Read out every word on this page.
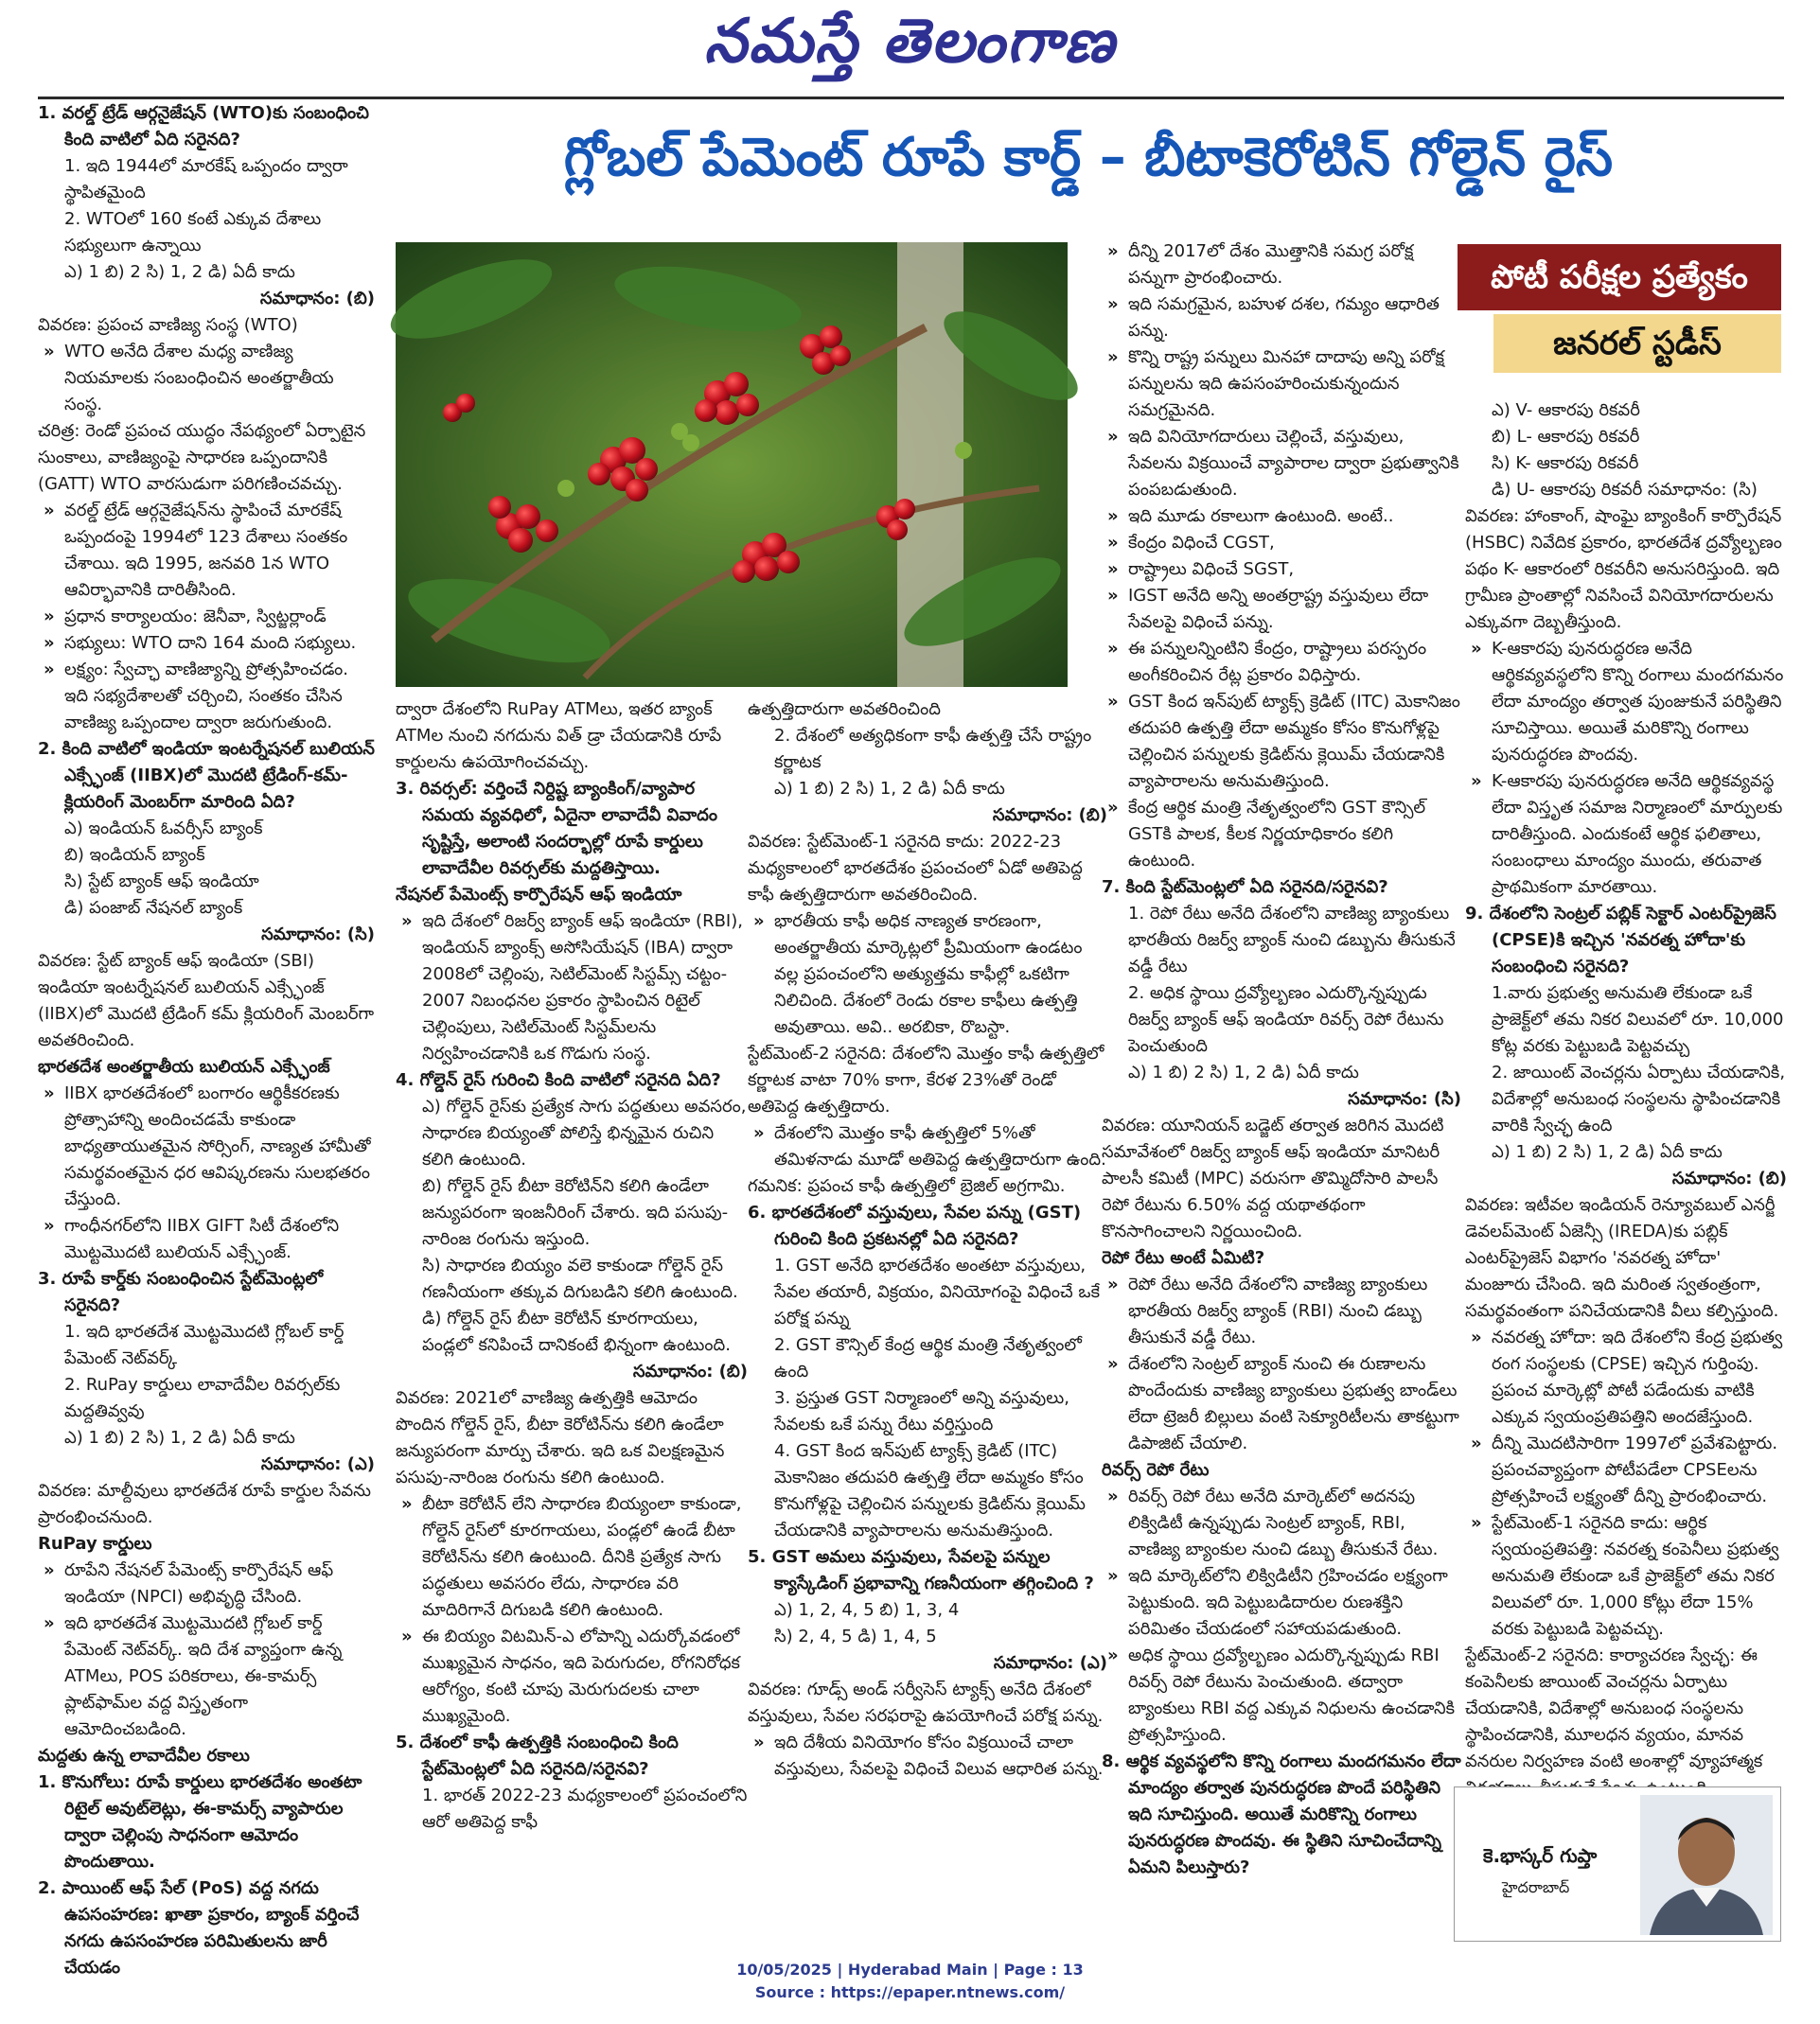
నమస్తే తెలంగాణ
గ్లోబల్ పేమెంట్ రూపే కార్డ్ – బీటాకెరోటిన్ గోల్డెన్ రైస్

1. వరల్డ్ ట్రేడ్ ఆర్గనైజేషన్ (WTO)కు సంబంధించి కింది వాటిలో ఏది సరైనది?

1. ఇది 1944లో మారకేష్ ఒప్పందం ద్వారా స్థాపితమైంది

2. WTOలో 160 కంటే ఎక్కువ దేశాలు సభ్యులుగా ఉన్నాయి

ఎ) 1 బి) 2 సి) 1, 2 డి) ఏదీ కాదు

సమాధానం: (బి)

వివరణ: ప్రపంచ వాణిజ్య సంస్థ (WTO)

» WTO అనేది దేశాల మధ్య వాణిజ్య నియమాలకు సంబంధించిన అంతర్జాతీయ సంస్థ.

చరిత్ర: రెండో ప్రపంచ యుద్ధం నేపథ్యంలో ఏర్పాటైన సుంకాలు, వాణిజ్యంపై సాధారణ ఒప్పందానికి (GATT) WTO వారసుడుగా పరిగణించవచ్చు.

» వరల్డ్ ట్రేడ్ ఆర్గనైజేషన్‌ను స్థాపించే మారకేష్ ఒప్పందంపై 1994లో 123 దేశాలు సంతకం చేశాయి. ఇది 1995, జనవరి 1న WTO ఆవిర్భావానికి దారితీసింది.

» ప్రధాన కార్యాలయం: జెనీవా, స్విట్జర్లాండ్

» సభ్యులు: WTO దాని 164 మంది సభ్యులు.

» లక్ష్యం: స్వేచ్ఛా వాణిజ్యాన్ని ప్రోత్సహించడం. ఇది సభ్యదేశాలతో చర్చించి, సంతకం చేసిన వాణిజ్య ఒప్పందాల ద్వారా జరుగుతుంది.

2. కింది వాటిలో ఇండియా ఇంటర్నేషనల్ బులియన్ ఎక్స్ఛేంజ్ (IIBX)లో మొదటి ట్రేడింగ్-కమ్-క్లియరింగ్ మెంబర్‌గా మారింది ఏది?

ఎ) ఇండియన్ ఓవర్సీస్ బ్యాంక్

బి) ఇండియన్ బ్యాంక్

సి) స్టేట్ బ్యాంక్ ఆఫ్ ఇండియా

డి) పంజాబ్ నేషనల్ బ్యాంక్

సమాధానం: (సి)

వివరణ: స్టేట్ బ్యాంక్ ఆఫ్ ఇండియా (SBI) ఇండియా ఇంటర్నేషనల్ బులియన్ ఎక్స్ఛేంజ్ (IIBX)లో మొదటి ట్రేడింగ్ కమ్ క్లియరింగ్ మెంబర్‌గా అవతరించింది.

భారతదేశ అంతర్జాతీయ బులియన్ ఎక్స్ఛేంజ్

» IIBX భారతదేశంలో బంగారం ఆర్థికీకరణకు ప్రోత్సాహాన్ని అందించడమే కాకుండా బాధ్యతాయుతమైన సోర్సింగ్, నాణ్యత హామీతో సమర్థవంతమైన ధర ఆవిష్కరణను సులభతరం చేస్తుంది.

» గాంధీనగర్‌లోని IIBX GIFT సిటీ దేశంలోని మొట్టమొదటి బులియన్ ఎక్స్ఛేంజ్.

3. రూపే కార్డ్‌కు సంబంధించిన స్టేట్‌మెంట్లలో సరైనది?

1. ఇది భారతదేశ మొట్టమొదటి గ్లోబల్ కార్డ్ పేమెంట్ నెట్‌వర్క్

2. RuPay కార్డులు లావాదేవీల రివర్సల్‌కు మద్దతివ్వవు

ఎ) 1 బి) 2 సి) 1, 2 డి) ఏదీ కాదు

సమాధానం: (ఎ)

వివరణ: మాల్దీవులు భారతదేశ రూపే కార్డుల సేవను ప్రారంభించనుంది.

RuPay కార్డులు

» రూపేని నేషనల్ పేమెంట్స్ కార్పొరేషన్ ఆఫ్ ఇండియా (NPCI) అభివృద్ధి చేసింది.

» ఇది భారతదేశ మొట్టమొదటి గ్లోబల్ కార్డ్ పేమెంట్ నెట్‌వర్క్. ఇది దేశ వ్యాప్తంగా ఉన్న ATMలు, POS పరికరాలు, ఈ-కామర్స్ ప్లాట్‌ఫామ్‌ల వద్ద విస్తృతంగా ఆమోదించబడింది.

మద్దతు ఉన్న లావాదేవీల రకాలు

1. కొనుగోలు: రూపే కార్డులు భారతదేశం అంతటా రిటైల్ అవుట్‌లెట్లు, ఈ-కామర్స్ వ్యాపారుల ద్వారా చెల్లింపు సాధనంగా ఆమోదం పొందుతాయి.

2. పాయింట్ ఆఫ్ సేల్ (PoS) వద్ద నగదు ఉపసంహరణ: ఖాతా ప్రకారం, బ్యాంక్ వర్తించే నగదు ఉపసంహరణ పరిమితులను జారీ చేయడం

ద్వారా దేశంలోని RuPay ATMలు, ఇతర బ్యాంక్ ATMల నుంచి నగదును విత్ డ్రా చేయడానికి రూపే కార్డులను ఉపయోగించవచ్చు.

3. రివర్సల్: వర్తించే నిర్దిష్ట బ్యాంకింగ్/వ్యాపార సమయ వ్యవధిలో, ఏదైనా లావాదేవీ వివాదం సృష్టిస్తే, అలాంటి సందర్భాల్లో రూపే కార్డులు లావాదేవీల రివర్సల్‌కు మద్దతిస్తాయి.

నేషనల్ పేమెంట్స్ కార్పొరేషన్ ఆఫ్ ఇండియా

» ఇది దేశంలో రిజర్వ్ బ్యాంక్ ఆఫ్ ఇండియా (RBI), ఇండియన్ బ్యాంక్స్ అసోసియేషన్ (IBA) ద్వారా 2008లో చెల్లింపు, సెటిల్‌మెంట్ సిస్టమ్స్ చట్టం- 2007 నిబంధనల ప్రకారం స్థాపించిన రిటైల్ చెల్లింపులు, సెటిల్‌మెంట్ సిస్టమ్‌లను నిర్వహించడానికి ఒక గొడుగు సంస్థ.

4. గోల్డెన్ రైస్ గురించి కింది వాటిలో సరైనది ఏది?

ఎ) గోల్డెన్ రైస్‌కు ప్రత్యేక సాగు పద్ధతులు అవసరం, సాధారణ బియ్యంతో పోలిస్తే భిన్నమైన రుచిని కలిగి ఉంటుంది.

బి) గోల్డెన్ రైస్ బీటా కెరోటిన్‌ని కలిగి ఉండేలా జన్యుపరంగా ఇంజనీరింగ్ చేశారు. ఇది పసుపు-నారింజ రంగును ఇస్తుంది.

సి) సాధారణ బియ్యం వలె కాకుండా గోల్డెన్ రైస్ గణనీయంగా తక్కువ దిగుబడిని కలిగి ఉంటుంది.

డి) గోల్డెన్ రైస్ బీటా కెరోటిన్ కూరగాయలు, పండ్లలో కనిపించే దానికంటే భిన్నంగా ఉంటుంది.

సమాధానం: (బి)

వివరణ: 2021లో వాణిజ్య ఉత్పత్తికి ఆమోదం పొందిన గోల్డెన్ రైస్, బీటా కెరోటిన్‌ను కలిగి ఉండేలా జన్యుపరంగా మార్పు చేశారు. ఇది ఒక విలక్షణమైన పసుపు-నారింజ రంగును కలిగి ఉంటుంది.

» బీటా కెరోటిన్ లేని సాధారణ బియ్యంలా కాకుండా, గోల్డెన్ రైస్‌లో కూరగాయలు, పండ్లలో ఉండే బీటా కెరోటిన్‌ను కలిగి ఉంటుంది. దీనికి ప్రత్యేక సాగు పద్ధతులు అవసరం లేదు, సాధారణ వరి మాదిరిగానే దిగుబడి కలిగి ఉంటుంది.

» ఈ బియ్యం విటమిన్-ఎ లోపాన్ని ఎదుర్కోవడంలో ముఖ్యమైన సాధనం, ఇది పెరుగుదల, రోగనిరోధక ఆరోగ్యం, కంటి చూపు మెరుగుదలకు చాలా ముఖ్యమైంది.

5. దేశంలో కాఫీ ఉత్పత్తికి సంబంధించి కింది స్టేట్‌మెంట్లలో ఏది సరైనది/సరైనవి?

1. భారత్ 2022-23 మధ్యకాలంలో ప్రపంచంలోని ఆరో అతిపెద్ద కాఫీ

ఉత్పత్తిదారుగా అవతరించింది

2. దేశంలో అత్యధికంగా కాఫీ ఉత్పత్తి చేసే రాష్ట్రం కర్ణాటక

ఎ) 1 బి) 2 సి) 1, 2 డి) ఏదీ కాదు

సమాధానం: (బి)

వివరణ: స్టేట్‌మెంట్-1 సరైనది కాదు: 2022-23 మధ్యకాలంలో భారతదేశం ప్రపంచంలో ఏడో అతిపెద్ద కాఫీ ఉత్పత్తిదారుగా అవతరించింది.

» భారతీయ కాఫీ అధిక నాణ్యత కారణంగా, అంతర్జాతీయ మార్కెట్లలో ప్రీమియంగా ఉండటం వల్ల ప్రపంచంలోని అత్యుత్తమ కాఫీల్లో ఒకటిగా నిలిచింది. దేశంలో రెండు రకాల కాఫీలు ఉత్పత్తి అవుతాయి. అవి.. అరబికా, రొబస్టా.

స్టేట్‌మెంట్-2 సరైనది: దేశంలోని మొత్తం కాఫీ ఉత్పత్తిలో కర్ణాటక వాటా 70% కాగా, కేరళ 23%తో రెండో అతిపెద్ద ఉత్పత్తిదారు.

» దేశంలోని మొత్తం కాఫీ ఉత్పత్తిలో 5%తో తమిళనాడు మూడో అతిపెద్ద ఉత్పత్తిదారుగా ఉంది.

గమనిక: ప్రపంచ కాఫీ ఉత్పత్తిలో బ్రెజిల్ అగ్రగామి.

6. భారతదేశంలో వస్తువులు, సేవల పన్ను (GST) గురించి కింది ప్రకటనల్లో ఏది సరైనది?

1. GST అనేది భారతదేశం అంతటా వస్తువులు, సేవల తయారీ, విక్రయం, వినియోగంపై విధించే ఒకే పరోక్ష పన్ను

2. GST కౌన్సిల్ కేంద్ర ఆర్థిక మంత్రి నేతృత్వంలో ఉంది

3. ప్రస్తుత GST నిర్మాణంలో అన్ని వస్తువులు, సేవలకు ఒకే పన్ను రేటు వర్తిస్తుంది

4. GST కింద ఇన్‌పుట్ ట్యాక్స్ క్రెడిట్ (ITC) మెకానిజం తదుపరి ఉత్పత్తి లేదా అమ్మకం కోసం కొనుగోళ్లపై చెల్లించిన పన్నులకు క్రెడిట్‌ను క్లెయిమ్ చేయడానికి వ్యాపారాలను అనుమతిస్తుంది.

5. GST అమలు వస్తువులు, సేవలపై పన్నుల క్యాస్కేడింగ్ ప్రభావాన్ని గణనీయంగా తగ్గించింది ?

ఎ) 1, 2, 4, 5 బి) 1, 3, 4

సి) 2, 4, 5 డి) 1, 4, 5

సమాధానం: (ఎ)

వివరణ: గూడ్స్ అండ్ సర్వీసెస్ ట్యాక్స్ అనేది దేశంలో వస్తువులు, సేవల సరఫరాపై ఉపయోగించే పరోక్ష పన్ను.

» ఇది దేశీయ వినియోగం కోసం విక్రయించే చాలా వస్తువులు, సేవలపై విధించే విలువ ఆధారిత పన్ను.

» దీన్ని 2017లో దేశం మొత్తానికి సమగ్ర పరోక్ష పన్నుగా ప్రారంభించారు.

» ఇది సమగ్రమైన, బహుళ దశల, గమ్యం ఆధారిత పన్ను.

» కొన్ని రాష్ట్ర పన్నులు మినహా దాదాపు అన్ని పరోక్ష పన్నులను ఇది ఉపసంహరించుకున్నందున సమగ్రమైనది.

» ఇది వినియోగదారులు చెల్లించే, వస్తువులు, సేవలను విక్రయించే వ్యాపారాల ద్వారా ప్రభుత్వానికి పంపబడుతుంది.

» ఇది మూడు రకాలుగా ఉంటుంది. అంటే..

» కేంద్రం విధించే CGST,

» రాష్ట్రాలు విధించే SGST,

» IGST అనేది అన్ని అంతర్రాష్ట్ర వస్తువులు లేదా సేవలపై విధించే పన్ను.

» ఈ పన్నులన్నింటిని కేంద్రం, రాష్ట్రాలు పరస్పరం అంగీకరించిన రేట్ల ప్రకారం విధిస్తారు.

» GST కింద ఇన్‌పుట్ ట్యాక్స్ క్రెడిట్ (ITC) మెకానిజం తదుపరి ఉత్పత్తి లేదా అమ్మకం కోసం కొనుగోళ్లపై చెల్లించిన పన్నులకు క్రెడిట్‌ను క్లెయిమ్ చేయడానికి వ్యాపారాలను అనుమతిస్తుంది.

» కేంద్ర ఆర్థిక మంత్రి నేతృత్వంలోని GST కౌన్సిల్ GSTకి పాలక, కీలక నిర్ణయాధికారం కలిగి ఉంటుంది.

7. కింది స్టేట్‌మెంట్లలో ఏది సరైనది/సరైనవి?

1. రెపో రేటు అనేది దేశంలోని వాణిజ్య బ్యాంకులు భారతీయ రిజర్వ్ బ్యాంక్ నుంచి డబ్బును తీసుకునే వడ్డీ రేటు

2. అధిక స్థాయి ద్రవ్యోల్బణం ఎదుర్కొన్నప్పుడు రిజర్వ్ బ్యాంక్ ఆఫ్ ఇండియా రివర్స్ రెపో రేటును పెంచుతుంది

ఎ) 1 బి) 2 సి) 1, 2 డి) ఏదీ కాదు

సమాధానం: (సి)

వివరణ: యూనియన్ బడ్జెట్ తర్వాత జరిగిన మొదటి సమావేశంలో రిజర్వ్ బ్యాంక్ ఆఫ్ ఇండియా మానిటరీ పాలసీ కమిటీ (MPC) వరుసగా తొమ్మిదోసారి పాలసీ రెపో రేటును 6.50% వద్ద యథాతథంగా కొనసాగించాలని నిర్ణయించింది.

రెపో రేటు అంటే ఏమిటి?

» రెపో రేటు అనేది దేశంలోని వాణిజ్య బ్యాంకులు భారతీయ రిజర్వ్ బ్యాంక్ (RBI) నుంచి డబ్బు తీసుకునే వడ్డీ రేటు.

» దేశంలోని సెంట్రల్ బ్యాంక్ నుంచి ఈ రుణాలను పొందేందుకు వాణిజ్య బ్యాంకులు ప్రభుత్వ బాండ్‌లు లేదా ట్రెజరీ బిల్లులు వంటి సెక్యూరిటీలను తాకట్టుగా డిపాజిట్ చేయాలి.

రివర్స్ రెపో రేటు

» రివర్స్ రెపో రేటు అనేది మార్కెట్‌లో అదనపు లిక్విడిటీ ఉన్నప్పుడు సెంట్రల్ బ్యాంక్, RBI, వాణిజ్య బ్యాంకుల నుంచి డబ్బు తీసుకునే రేటు.

» ఇది మార్కెట్‌లోని లిక్విడిటీని గ్రహించడం లక్ష్యంగా పెట్టుకుంది. ఇది పెట్టుబడిదారుల రుణశక్తిని పరిమితం చేయడంలో సహాయపడుతుంది.

» అధిక స్థాయి ద్రవ్యోల్బణం ఎదుర్కొన్నప్పుడు RBI రివర్స్ రెపో రేటును పెంచుతుంది. తద్వారా బ్యాంకులు RBI వద్ద ఎక్కువ నిధులను ఉంచడానికి ప్రోత్సహిస్తుంది.

8. ఆర్థిక వ్యవస్థలోని కొన్ని రంగాలు మందగమనం లేదా మాంద్యం తర్వాత పునరుద్ధరణ పొందే పరిస్థితిని ఇది సూచిస్తుంది. అయితే మరికొన్ని రంగాలు పునరుద్ధరణ పొందవు. ఈ స్థితిని సూచించేదాన్ని ఏమని పిలుస్తారు?

పోటీ పరీక్షల ప్రత్యేకం
జనరల్ స్టడీస్

ఎ) V- ఆకారపు రికవరీ

బి) L- ఆకారపు రికవరీ

సి) K- ఆకారపు రికవరీ

డి) U- ఆకారపు రికవరీ సమాధానం: (సి)

వివరణ: హాంకాంగ్, షాంఘై బ్యాంకింగ్ కార్పొరేషన్ (HSBC) నివేదిక ప్రకారం, భారతదేశ ద్రవ్యోల్బణం పథం K- ఆకారంలో రికవరీని అనుసరిస్తుంది. ఇది గ్రామీణ ప్రాంతాల్లో నివసించే వినియోగదారులను ఎక్కువగా దెబ్బతీస్తుంది.

» K-ఆకారపు పునరుద్ధరణ అనేది ఆర్థికవ్యవస్థలోని కొన్ని రంగాలు మందగమనం లేదా మాంద్యం తర్వాత పుంజుకునే పరిస్థితిని సూచిస్తాయి. అయితే మరికొన్ని రంగాలు పునరుద్ధరణ పొందవు.

» K-ఆకారపు పునరుద్ధరణ అనేది ఆర్థికవ్యవస్థ లేదా విస్తృత సమాజ నిర్మాణంలో మార్పులకు దారితీస్తుంది. ఎందుకంటే ఆర్థిక ఫలితాలు, సంబంధాలు మాంద్యం ముందు, తరువాత ప్రాథమికంగా మారతాయి.

9. దేశంలోని సెంట్రల్ పబ్లిక్ సెక్టార్ ఎంటర్‌ప్రైజెస్ (CPSE)కి ఇచ్చిన 'నవరత్న హోదా'కు సంబంధించి సరైనది?

1.వారు ప్రభుత్వ అనుమతి లేకుండా ఒకే ప్రాజెక్ట్‌లో తమ నికర విలువలో రూ. 10,000 కోట్ల వరకు పెట్టుబడి పెట్టవచ్చు

2. జాయింట్ వెంచర్లను ఏర్పాటు చేయడానికి, విదేశాల్లో అనుబంధ సంస్థలను స్థాపించడానికి వారికి స్వేచ్ఛ ఉంది

ఎ) 1 బి) 2 సి) 1, 2 డి) ఏదీ కాదు

సమాధానం: (బి)

వివరణ: ఇటీవల ఇండియన్ రెన్యూవబుల్ ఎనర్జీ డెవలప్‌మెంట్ ఏజెన్సీ (IREDA)కు పబ్లిక్ ఎంటర్‌ప్రైజెస్ విభాగం 'నవరత్న హోదా' మంజూరు చేసింది. ఇది మరింత స్వతంత్రంగా, సమర్థవంతంగా పనిచేయడానికి వీలు కల్పిస్తుంది.

» నవరత్న హోదా: ఇది దేశంలోని కేంద్ర ప్రభుత్వ రంగ సంస్థలకు (CPSE) ఇచ్చిన గుర్తింపు. ప్రపంచ మార్కెట్లో పోటీ పడేందుకు వాటికి ఎక్కువ స్వయంప్రతిపత్తిని అందజేస్తుంది.

» దీన్ని మొదటిసారిగా 1997లో ప్రవేశపెట్టారు. ప్రపంచవ్యాప్తంగా పోటీపడేలా CPSEలను ప్రోత్సహించే లక్ష్యంతో దీన్ని ప్రారంభించారు.

» స్టేట్‌మెంట్-1 సరైనది కాదు: ఆర్థిక స్వయంప్రతిపత్తి: నవరత్న కంపెనీలు ప్రభుత్వ అనుమతి లేకుండా ఒకే ప్రాజెక్ట్‌లో తమ నికర విలువలో రూ. 1,000 కోట్లు లేదా 15% వరకు పెట్టుబడి పెట్టవచ్చు.

స్టేట్‌మెంట్-2 సరైనది: కార్యాచరణ స్వేచ్ఛ: ఈ కంపెనీలకు జాయింట్ వెంచర్లను ఏర్పాటు చేయడానికి, విదేశాల్లో అనుబంధ సంస్థలను స్థాపించడానికి, మూలధన వ్యయం, మానవ వనరుల నిర్వహణ వంటి అంశాల్లో వ్యూహాత్మక

కె.భాస్కర్ గుప్తా
హైదరాబాద్
10/05/2025 | Hyderabad Main | Page : 13
Source : https://epaper.ntnews.com/
